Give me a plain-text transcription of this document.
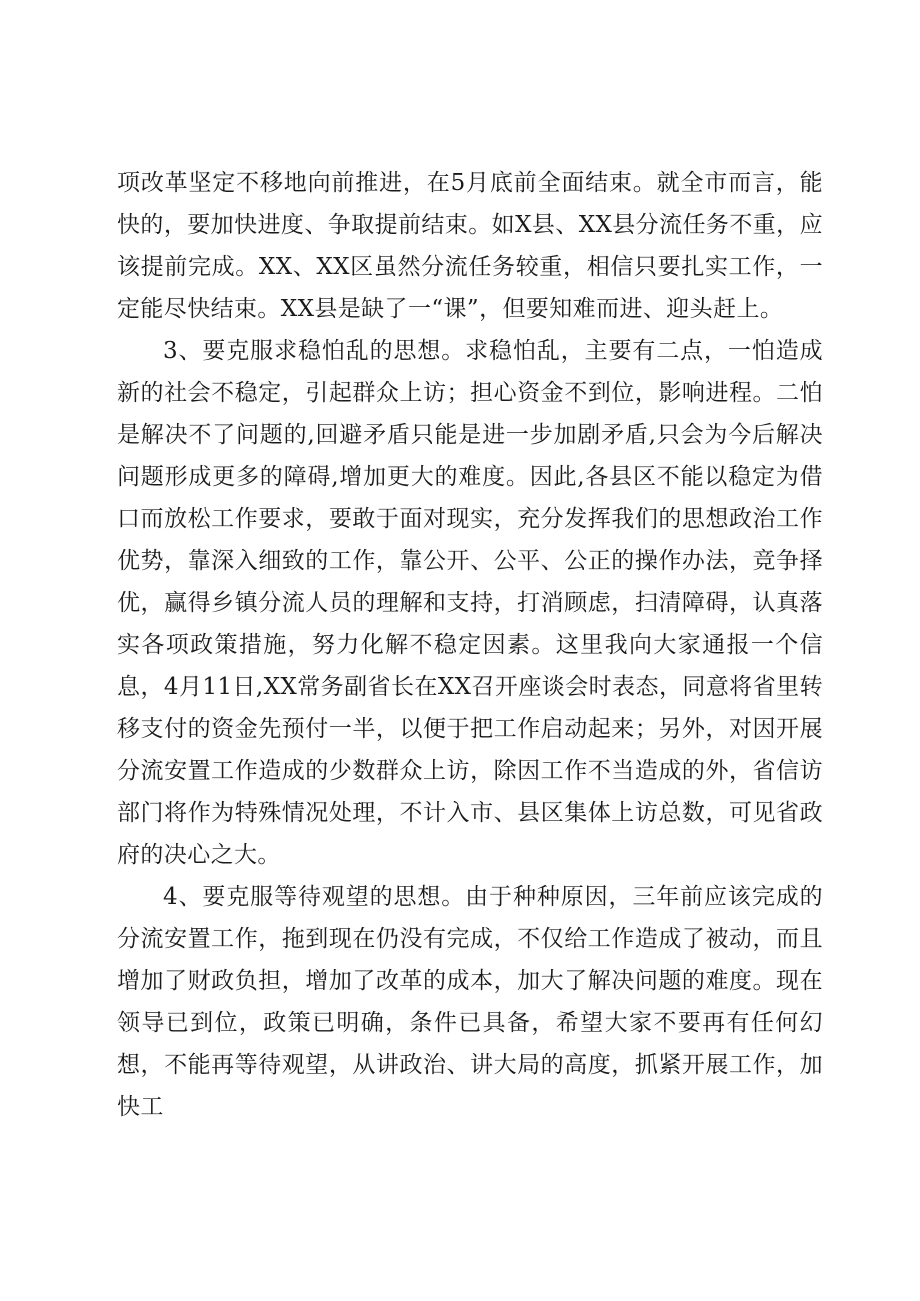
项改革坚定不移地向前推进，在5月底前全面结束。就全市而言，能快的，要加快进度、争取提前结束。如X县、XX县分流任务不重，应该提前完成。XX、XX区虽然分流任务较重，相信只要扎实工作，一定能尽快结束。XX县是缺了一“课”，但要知难而进、迎头赶上。

3、要克服求稳怕乱的思想。求稳怕乱，主要有二点，一怕造成新的社会不稳定，引起群众上访；担心资金不到位，影响进程。二怕是解决不了问题的,回避矛盾只能是进一步加剧矛盾,只会为今后解决问题形成更多的障碍,增加更大的难度。因此,各县区不能以稳定为借口而放松工作要求，要敢于面对现实，充分发挥我们的思想政治工作优势，靠深入细致的工作，靠公开、公平、公正的操作办法，竞争择优，赢得乡镇分流人员的理解和支持，打消顾虑，扫清障碍，认真落实各项政策措施，努力化解不稳定因素。这里我向大家通报一个信息，4月11日,XX常务副省长在XX召开座谈会时表态，同意将省里转移支付的资金先预付一半，以便于把工作启动起来；另外，对因开展分流安置工作造成的少数群众上访，除因工作不当造成的外，省信访部门将作为特殊情况处理，不计入市、县区集体上访总数，可见省政府的决心之大。

4、要克服等待观望的思想。由于种种原因，三年前应该完成的分流安置工作，拖到现在仍没有完成，不仅给工作造成了被动，而且增加了财政负担，增加了改革的成本，加大了解决问题的难度。现在领导已到位，政策已明确，条件已具备，希望大家不要再有任何幻想，不能再等待观望，从讲政治、讲大局的高度，抓紧开展工作，加快工
